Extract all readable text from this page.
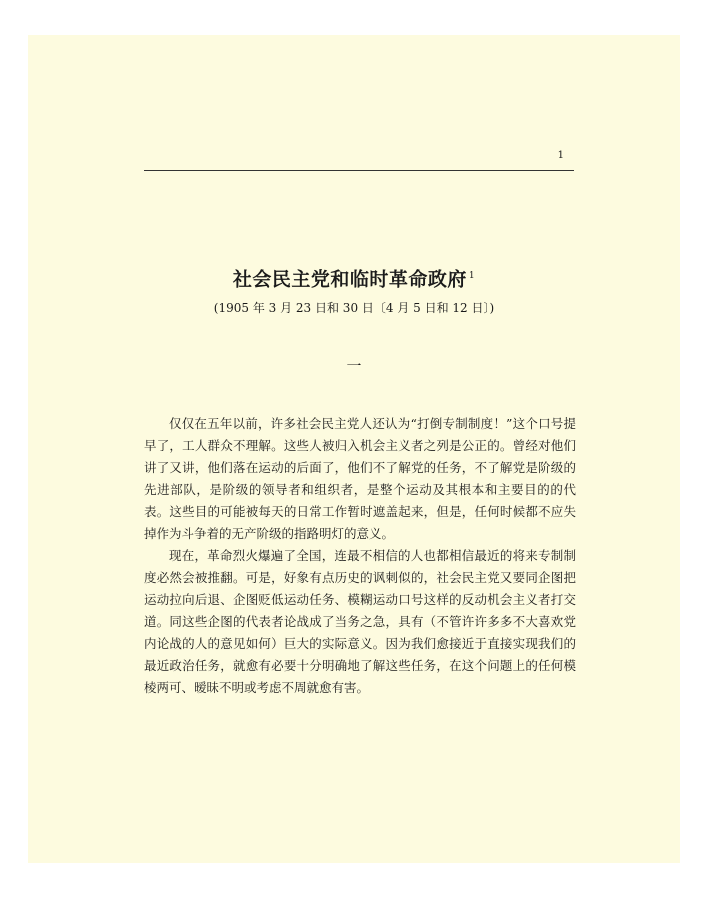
1
社会民主党和临时革命政府 $^1$
(1905 年 3 月 23 日和 30 日〔4 月 5 日和 12 日〕)
一

仅仅在五年以前，许多社会民主党人还认为“打倒专制制度！”这个口号提早了，工人群众不理解。这些人被归入机会主义者之列是公正的。曾经对他们讲了又讲，他们落在运动的后面了，他们不了解党的任务，不了解党是阶级的先进部队，是阶级的领导者和组织者，是整个运动及其根本和主要目的的代表。这些目的可能被每天的日常工作暂时遮盖起来，但是，任何时候都不应失掉作为斗争着的无产阶级的指路明灯的意义。

现在，革命烈火爆遍了全国，连最不相信的人也都相信最近的将来专制制度必然会被推翻。可是，好象有点历史的讽刺似的，社会民主党又要同企图把运动拉向后退、企图贬低运动任务、模糊运动口号这样的反动机会主义者打交道。同这些企图的代表者论战成了当务之急，具有（不管许许多多不大喜欢党内论战的人的意见如何）巨大的实际意义。因为我们愈接近于直接实现我们的最近政治任务，就愈有必要十分明确地了解这些任务，在这个问题上的任何模棱两可、暧昧不明或考虑不周就愈有害。
